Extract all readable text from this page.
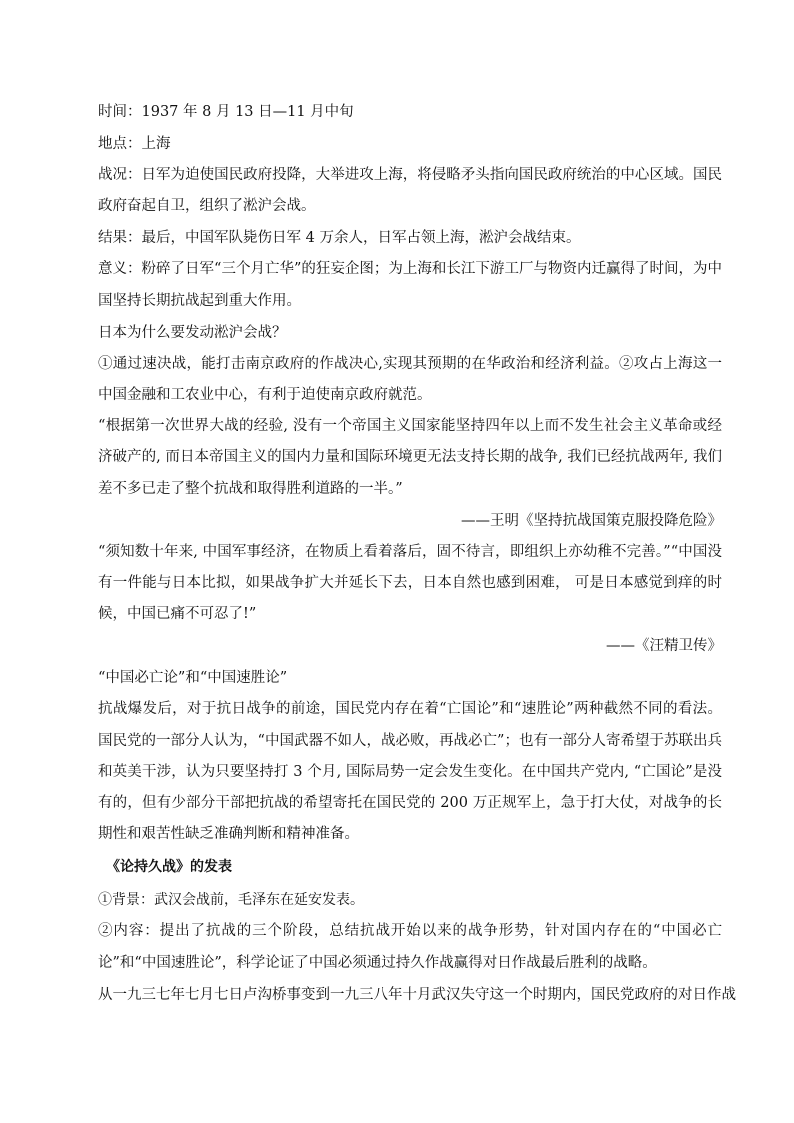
时间：1937 年 8 月 13 日—11 月中旬

地点：上海

战况：日军为迫使国民政府投降，大举进攻上海，将侵略矛头指向国民政府统治的中心区域。国民政府奋起自卫，组织了淞沪会战。

结果：最后，中国军队毙伤日军 4 万余人，日军占领上海，淞沪会战结束。

意义：粉碎了日军“三个月亡华”的狂妄企图；为上海和长江下游工厂与物资内迁赢得了时间，为中国坚持长期抗战起到重大作用。

日本为什么要发动淞沪会战？

①通过速决战，能打击南京政府的作战决心,实现其预期的在华政治和经济利益。②攻占上海这一中国金融和工农业中心，有利于迫使南京政府就范。

“根据第一次世界大战的经验, 没有一个帝国主义国家能坚持四年以上而不发生社会主义革命或经济破产的, 而日本帝国主义的国内力量和国际环境更无法支持长期的战争, 我们已经抗战两年, 我们差不多已走了整个抗战和取得胜利道路的一半。”

——王明《坚持抗战国策克服投降危险》

“须知数十年来, 中国军事经济，在物质上看着落后，固不待言，即组织上亦幼稚不完善。”“中国没有一件能与日本比拟，如果战争扩大并延长下去，日本自然也感到困难， 可是日本感觉到痒的时候，中国已痛不可忍了!”

——《汪精卫传》

“中国必亡论”和“中国速胜论”

抗战爆发后，对于抗日战争的前途，国民党内存在着“亡国论”和“速胜论”两种截然不同的看法。国民党的一部分人认为，“中国武器不如人，战必败，再战必亡”；也有一部分人寄希望于苏联出兵和英美干涉，认为只要坚持打 3 个月, 国际局势一定会发生变化。在中国共产党内, “亡国论”是没有的，但有少部分干部把抗战的希望寄托在国民党的 200 万正规军上，急于打大仗，对战争的长期性和艰苦性缺乏准确判断和精神准备。

《论持久战》的发表

①背景：武汉会战前，毛泽东在延安发表。

②内容：提出了抗战的三个阶段，总结抗战开始以来的战争形势，针对国内存在的“中国必亡论”和“中国速胜论”，科学论证了中国必须通过持久作战赢得对日作战最后胜利的战略。

从一九三七年七月七日卢沟桥事变到一九三八年十月武汉失守这一个时期内，国民党政府的对日作战
